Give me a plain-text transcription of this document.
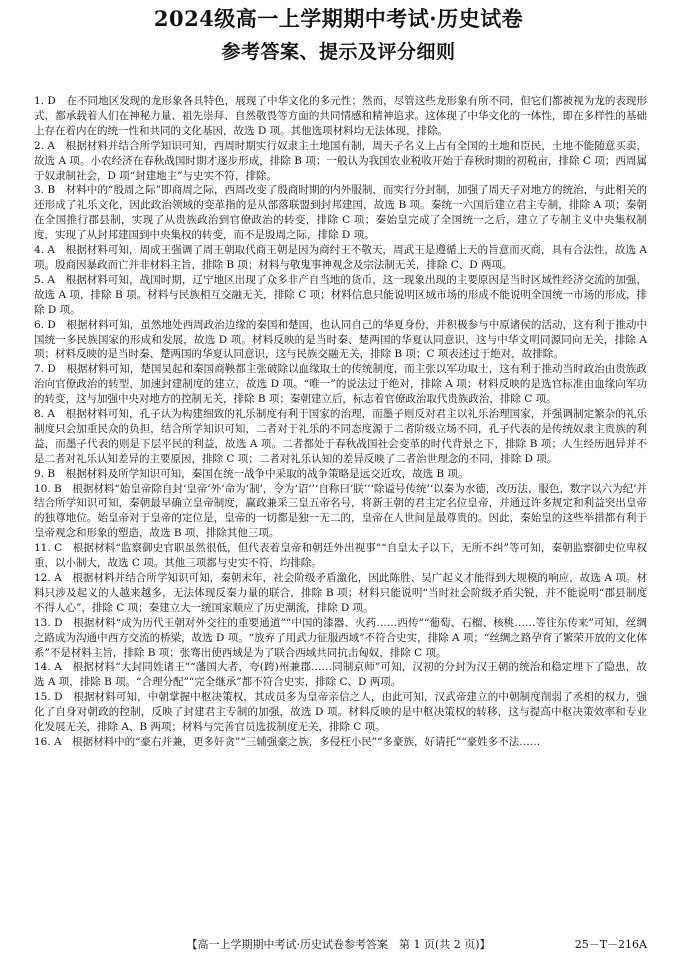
2024级高一上学期期中考试·历史试卷
参考答案、提示及评分细则

1. D　在不同地区发现的龙形象各具特色，展现了中华文化的多元性；然而，尽管这些龙形象有所不同，但它们都被视为龙的表现形式，都承载着人们在神秘力量、祖先崇拜、自然敬畏等方面的共同情感和精神追求。这体现了中华文化的一体性，即在多样性的基础上存在着内在的统一性和共同的文化基因，故选 D 项。其他选项材料均无法体现，排除。

2. A　根据材料并结合所学知识可知，西周时期实行奴隶主土地国有制，周天子名义上占有全国的土地和臣民，土地不能随意买卖，故选 A 项。小农经济在春秋战国时期才逐步形成，排除 B 项；一般认为我国农业税收开始于春秋时期的初税亩，排除 C 项；西周属于奴隶制社会，D 项“封建地主”与史实不符，排除。

3. B　材料中的“殷周之际”即商周之际，西周改变了殷商时期的内外服制，而实行分封制，加强了周天子对地方的统治，与此相关的还形成了礼乐文化，因此政治领域的变革指的是从部落联盟到封邦建国，故选 B 项。秦统一六国后建立君主专制，排除 A 项；秦朝在全国推行郡县制，实现了从贵族政治到官僚政治的转变，排除 C 项；秦始皇完成了全国统一之后，建立了专制主义中央集权制度，实现了从封邦建国到中央集权的转变，而不是殷周之际，排除 D 项。

4. A　根据材料可知，周成王强调了周王朝取代商王朝是因为商纣王不敬天，周武王是遵循上天的旨意而灭商，具有合法性，故选 A 项。殷商因暴政而亡并非材料主旨，排除 B 项；材料与敬鬼事神观念及宗法制无关，排除 C、D 两项。

5. A　根据材料可知，战国时期，辽宁地区出现了众多非产自当地的货币，这一现象出现的主要原因是当时区域性经济交流的加强，故选 A 项，排除 B 项。材料与民族相互交融无关，排除 C 项；材料信息只能说明区域市场的形成不能说明全国统一市场的形成，排除 D 项。

6. D　根据材料可知，虽然地处西周政治边缘的秦国和楚国，也认同自己的华夏身份，并积极参与中原诸侯的活动，这有利于推动中国统一多民族国家的形成和发展，故选 D 项。材料反映的是当时秦、楚两国的华夏认同意识，这与中华文明同源同向无关，排除 A 项；材料反映的是当时秦、楚两国的华夏认同意识，这与民族交融无关，排除 B 项；C 项表述过于绝对，故排除。

7. D　根据材料可知，楚国吴起和秦国商鞅都主张破除以血缘取士的传统制度，而主张以军功取士，这有利于推动当时政治由贵族政治向官僚政治的转型，加速封建制度的建立，故选 D 项。“唯一”的说法过于绝对，排除 A 项；材料反映的是选官标准由血缘向军功的转变，这与加强中央对地方的控制无关，排除 B 项；秦朝建立后，标志着官僚政治取代贵族政治，排除 C 项。

8. A　根据材料可知，孔子认为构建细致的礼乐制度有利于国家的治理，而墨子则反对君主以礼乐治理国家，并强调制定繁杂的礼乐制度只会加重民众的负担，结合所学知识可知，二者对于礼乐的不同态度源于二者阶级立场不同，孔子代表的是传统奴隶主贵族的利益，而墨子代表的则是下层平民的利益，故选 A 项。二者都处于春秋战国社会变革的时代背景之下，排除 B 项；人生经历迥异并不是二者对礼乐认知差异的主要原因，排除 C 项；二者对礼乐认知的差异反映了二者治世理念的不同，排除 D 项。

9. B　根据材料及所学知识可知，秦国在统一战争中采取的战争策略是远交近攻，故选 B 项。

10. B　根据材料“始皇帝除自封‘皇帝’外‘命为‘制’，令为‘诏’’‘自称曰‘朕’’‘除谥号传统’‘以秦为水德，改历法、服色，数字以六为纪’并结合所学知识可知，秦朝最早确立皇帝制度，赢政兼采三皇五帝名号，将新王朝的君主定名位皇帝，并通过许多规定和利益突出皇帝的独尊地位。始皇帝对于皇帝的定位是，皇帝的一切都是独一无二的，皇帝在人世间是最尊贵的。因此，秦始皇的这些举措都有利于皇帝观念和形象的塑造，故选 B 项，排除其他三项。

11. C　根据材料“监察御史官职虽然很低，但代表着皇帝和朝廷外出视事”“自皇太子以下，无所不纠”等可知，秦朝监察御史位卑权重，以小制大，故选 C 项。其他三项都与史实不符，均排除。

12. A　根据材料并结合所学知识可知，秦朝末年，社会阶级矛盾激化，因此陈胜、吴广起义才能得到大规模的响应，故选 A 项。材料只涉及起义的人越来越多，无法体现反秦力量的联合，排除 B 项；材料只能说明“当时社会阶级矛盾尖锐，并不能说明“郡县制度不得人心”，排除 C 项；秦建立大一统国家顺应了历史潮流，排除 D 项。

13. D　根据材料“成为历代王朝对外交往的重要通道”“中国的漆器、火药……西传”“葡萄、石榴、核桃……等往东传来”可知，丝绸之路成为沟通中西方交流的桥梁，故选 D 项。“放弃了用武力征服西域”不符合史实，排除 A 项；“丝绸之路孕育了繁荣开放的文化体系”不是材料主旨，排除 B 项；张骞出使西域是为了联合西域共同抗击匈奴，排除 C 项。

14. A　根据材料“大封同姓诸王”“藩国大者，夸(跨)州兼郡……同制京师”可知，汉初的分封为汉王朝的统治和稳定埋下了隐患，故选 A 项，排除 B 项。“合理分配”“完全继承”都不符合史实，排除 C、D 两项。

15. D　根据材料可知，中朝掌握中枢决策权，其成员多为皇帝亲信之人，由此可知，汉武帝建立的中朝制度削弱了丞相的权力，强化了自身对朝政的控制，反映了封建君主专制的加强，故选 D 项。材料反映的是中枢决策权的转移，这与提高中枢决策效率和专业化发展无关，排除 A、B 两项；材料与完善官员选拔制度无关，排除 C 项。

16. A　根据材料中的“豪右并兼，更多奸贪”“三辅强豪之族，多侵枉小民”“多豪族，好请托”“豪姓多不法……

【高一上学期期中考试·历史试卷参考答案　第 1 页(共 2 页)】	25－T－216A
